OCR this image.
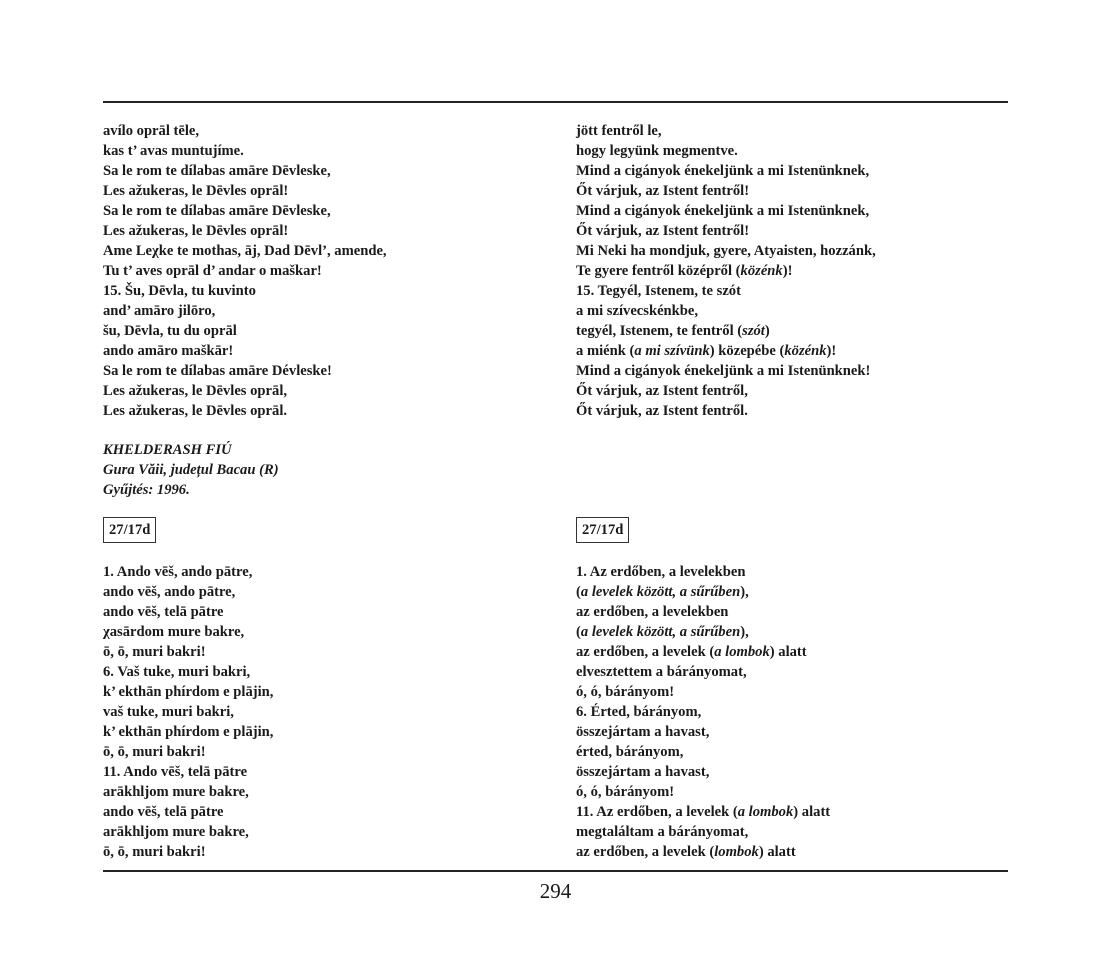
avílo oprāl tēle,
kas t’ avas muntujíme.
Sa le rom te dílabas amāre Dēvleske,
Les ažukeras, le Dēvles oprāl!
Sa le rom te dílabas amāre Dēvleske,
Les ažukeras, le Dēvles oprāl!
Ame Leχke te mothas, āj, Dad Dēvl’, amende,
Tu t’ aves oprāl d’ andar o maškar!
15. Šu, Dēvla, tu kuvinto
and’ amāro jilōro,
šu, Dēvla, tu du oprāl
ando amāro maškār!
Sa le rom te dílabas amāre Dévleske!
Les ažukeras, le Dēvles oprāl,
Les ažukeras, le Dēvles oprāl.
jött fentről le,
hogy legyünk megmentve.
Mind a cigányok énekeljünk a mi Istenünknek,
Őt várjuk, az Istent fentről!
Mind a cigányok énekeljünk a mi Istenünknek,
Őt várjuk, az Istent fentről!
Mi Neki ha mondjuk, gyere, Atyaisten, hozzánk,
Te gyere fentről középről (közénk)!
15. Tegyél, Istenem, te szót
a mi szívecskénkbe,
tegyél, Istenem, te fentről (szót)
a miénk (a mi szívünk) közepébe (közénk)!
Mind a cigányok énekeljünk a mi Istenünknek!
Őt várjuk, az Istent fentről,
Őt várjuk, az Istent fentről.
KHELDERASH FIÚ
Gura Văii, județul Bacau (R)
Gyűjtés: 1996.
27/17d	27/17d
1. Ando vēš, ando pātre,
ando vēš, ando pātre,
ando vēš, telā pātre
χasārdom mure bakre,
ō, ō, muri bakri!
6. Vaš tuke, muri bakri,
k’ ekthān phírdom e plājin,
vaš tuke, muri bakri,
k’ ekthān phírdom e plājin,
ō, ō, muri bakri!
11. Ando vēš, telā pātre
arākhljom mure bakre,
ando vēš, telā pātre
arākhljom mure bakre,
ō, ō, muri bakri!
1. Az erdőben, a levelekben
(a levelek között, a sűrűben),
az erdőben, a levelekben
(a levelek között, a sűrűben),
az erdőben, a levelek (a lombok) alatt
elvesztettem a bárányomat,
ó, ó, bárányom!
6. Érted, bárányom,
összejártam a havast,
érted, bárányom,
összejártam a havast,
ó, ó, bárányom!
11. Az erdőben, a levelek (a lombok) alatt
megtaláltam a bárányomat,
az erdőben, a levelek (lombok) alatt
294
